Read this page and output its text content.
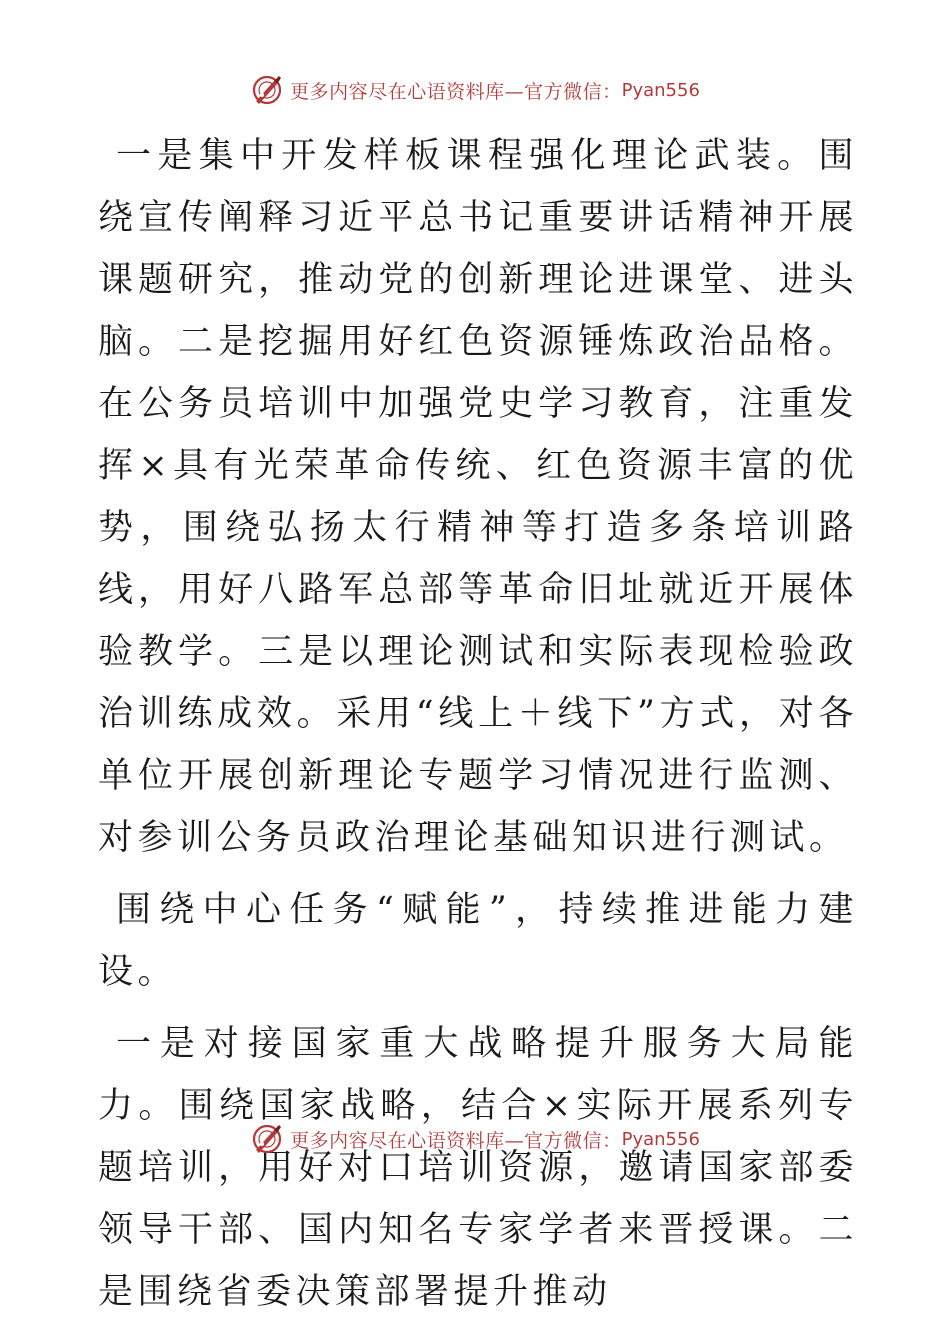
更多内容尽在心语资料库—官方微信： Pyan556

一是集中开发样板课程强化理论武装。围绕宣传阐释习近平总书记重要讲话精神开展课题研究，推动党的创新理论进课堂、进头脑。二是挖掘用好红色资源锤炼政治品格。在公务员培训中加强党史学习教育，注重发挥×具有光荣革命传统、红色资源丰富的优势，围绕弘扬太行精神等打造多条培训路线，用好八路军总部等革命旧址就近开展体验教学。三是以理论测试和实际表现检验政治训练成效。采用“线上＋线下”方式，对各单位开展创新理论专题学习情况进行监测、对参训公务员政治理论基础知识进行测试。

围绕中心任务“赋能”，持续推进能力建设。

一是对接国家重大战略提升服务大局能力。围绕国家战略，结合×实际开展系列专题培训，用好对口培训资源，邀请国家部委领导干部、国内知名专家学者来晋授课。二是围绕省委决策部署提升推动

更多内容尽在心语资料库—官方微信： Pyan556
